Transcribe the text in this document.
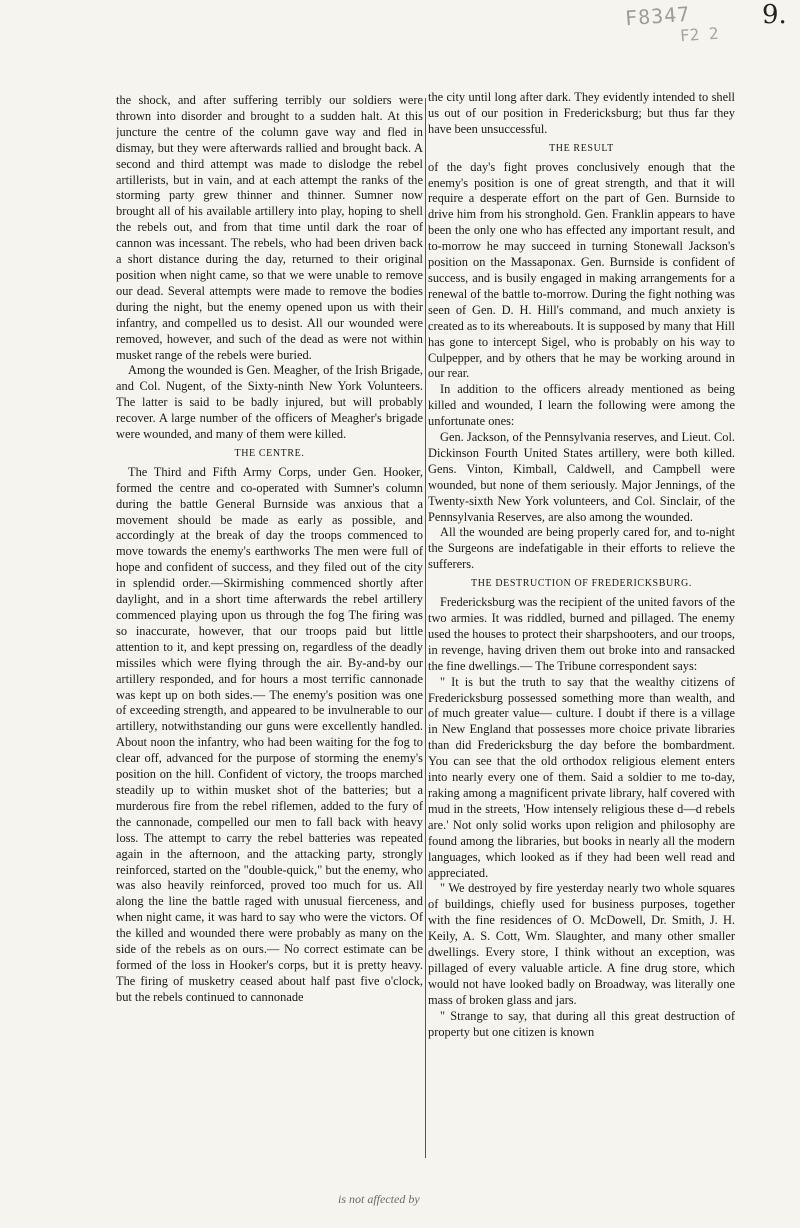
F8347
F2 2
9.

the shock, and after suffering terribly our soldiers were thrown into disorder and brought to a sudden halt. At this juncture the centre of the column gave way and fled in dismay, but they were afterwards rallied and brought back. A second and third attempt was made to dislodge the rebel artillerists, but in vain, and at each attempt the ranks of the storming party grew thinner and thinner. Sumner now brought all of his available artillery into play, hoping to shell the rebels out, and from that time until dark the roar of cannon was incessant. The rebels, who had been driven back a short distance during the day, returned to their original position when night came, so that we were unable to remove our dead. Several attempts were made to remove the bodies during the night, but the enemy opened upon us with their infantry, and compelled us to desist. All our wounded were removed, however, and such of the dead as were not within musket range of the rebels were buried.

Among the wounded is Gen. Meagher, of the Irish Brigade, and Col. Nugent, of the Sixty-ninth New York Volunteers. The latter is said to be badly injured, but will probably recover. A large number of the officers of Meagher's brigade were wounded, and many of them were killed.

THE CENTRE.

The Third and Fifth Army Corps, under Gen. Hooker, formed the centre and co-operated with Sumner's column during the battle General Burnside was anxious that a movement should be made as early as possible, and accordingly at the break of day the troops commenced to move towards the enemy's earthworks The men were full of hope and confident of success, and they filed out of the city in splendid order.—Skirmishing commenced shortly after daylight, and in a short time afterwards the rebel artillery commenced playing upon us through the fog The firing was so inaccurate, however, that our troops paid but little attention to it, and kept pressing on, regardless of the deadly missiles which were flying through the air. By-and-by our artillery responded, and for hours a most terrific cannonade was kept up on both sides.— The enemy's position was one of exceeding strength, and appeared to be invulnerable to our artillery, notwithstanding our guns were excellently handled. About noon the infantry, who had been waiting for the fog to clear off, advanced for the purpose of storming the enemy's position on the hill. Confident of victory, the troops marched steadily up to within musket shot of the batteries; but a murderous fire from the rebel riflemen, added to the fury of the cannonade, compelled our men to fall back with heavy loss. The attempt to carry the rebel batteries was repeated again in the afternoon, and the attacking party, strongly reinforced, started on the "double-quick," but the enemy, who was also heavily reinforced, proved too much for us. All along the line the battle raged with unusual fierceness, and when night came, it was hard to say who were the victors. Of the killed and wounded there were probably as many on the side of the rebels as on ours.— No correct estimate can be formed of the loss in Hooker's corps, but it is pretty heavy. The firing of musketry ceased about half past five o'clock, but the rebels continued to cannonade

the city until long after dark. They evidently intended to shell us out of our position in Fredericksburg; but thus far they have been unsuccessful.

THE RESULT

of the day's fight proves conclusively enough that the enemy's position is one of great strength, and that it will require a desperate effort on the part of Gen. Burnside to drive him from his stronghold. Gen. Franklin appears to have been the only one who has effected any important result, and to-morrow he may succeed in turning Stonewall Jackson's position on the Massaponax. Gen. Burnside is confident of success, and is busily engaged in making arrangements for a renewal of the battle to-morrow. During the fight nothing was seen of Gen. D. H. Hill's command, and much anxiety is created as to its whereabouts. It is supposed by many that Hill has gone to intercept Sigel, who is probably on his way to Culpepper, and by others that he may be working around in our rear.

In addition to the officers already mentioned as being killed and wounded, I learn the following were among the unfortunate ones:

Gen. Jackson, of the Pennsylvania reserves, and Lieut. Col. Dickinson Fourth United States artillery, were both killed. Gens. Vinton, Kimball, Caldwell, and Campbell were wounded, but none of them seriously. Major Jennings, of the Twenty-sixth New York volunteers, and Col. Sinclair, of the Pennsylvania Reserves, are also among the wounded.

All the wounded are being properly cared for, and to-night the Surgeons are indefatigable in their efforts to relieve the sufferers.

THE DESTRUCTION OF FREDERICKSBURG.

Fredericksburg was the recipient of the united favors of the two armies. It was riddled, burned and pillaged. The enemy used the houses to protect their sharpshooters, and our troops, in revenge, having driven them out broke into and ransacked the fine dwellings.— The Tribune correspondent says:

" It is but the truth to say that the wealthy citizens of Fredericksburg possessed something more than wealth, and of much greater value— culture. I doubt if there is a village in New England that possesses more choice private libraries than did Fredericksburg the day before the bombardment. You can see that the old orthodox religious element enters into nearly every one of them. Said a soldier to me to-day, raking among a magnificent private library, half covered with mud in the streets, 'How intensely religious these d—d rebels are.' Not only solid works upon religion and philosophy are found among the libraries, but books in nearly all the modern languages, which looked as if they had been well read and appreciated.

" We destroyed by fire yesterday nearly two whole squares of buildings, chiefly used for business purposes, together with the fine residences of O. McDowell, Dr. Smith, J. H. Keily, A. S. Cott, Wm. Slaughter, and many other smaller dwellings. Every store, I think without an exception, was pillaged of every valuable article. A fine drug store, which would not have looked badly on Broadway, was literally one mass of broken glass and jars.

" Strange to say, that during all this great destruction of property but one citizen is known

is not affected by
